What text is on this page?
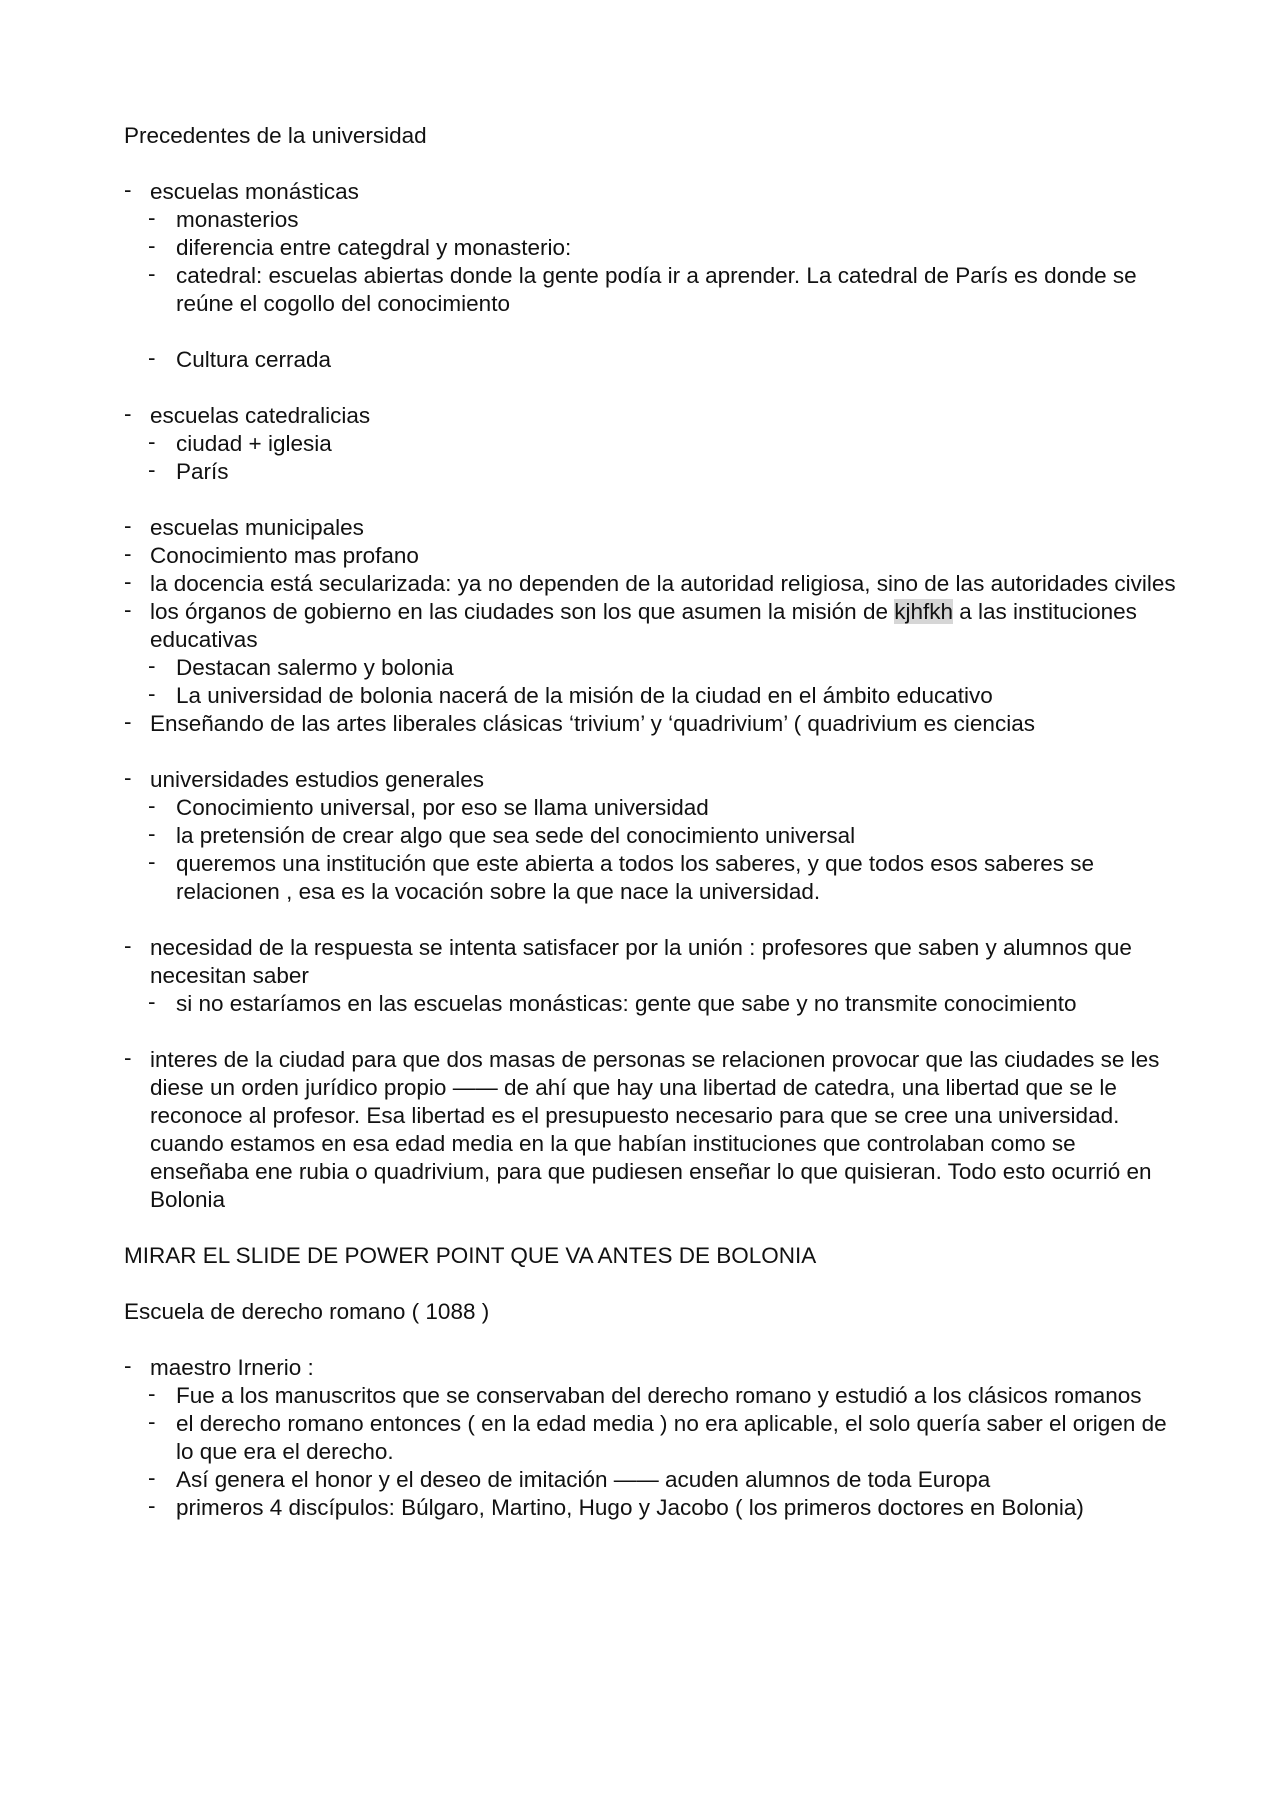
Precedentes de la universidad

- escuelas monásticas
- monasterios
- diferencia entre categdral y monasterio:
- catedral: escuelas abiertas donde la gente podía ir a aprender. La catedral de París es donde se reúne el cogollo del conocimiento
- Cultura cerrada
- escuelas catedralicias
- ciudad + iglesia
- París
- escuelas municipales
- Conocimiento mas profano
- la docencia está secularizada: ya no dependen de la autoridad religiosa, sino de las autoridades civiles
- los órganos de gobierno en las ciudades son los que asumen la misión de kjhfkh a las instituciones educativas
- Destacan salermo y bolonia
- La universidad de bolonia nacerá de la misión de la ciudad en el ámbito educativo
- Enseñando de las artes liberales clásicas ‘trivium’ y ‘quadrivium’ ( quadrivium es ciencias
- universidades estudios generales
- Conocimiento universal, por eso se llama universidad
- la pretensión de crear algo que sea sede del conocimiento universal
- queremos una institución que este abierta a todos los saberes, y que todos esos saberes se relacionen , esa es la vocación sobre la que nace la universidad.
- necesidad de la respuesta se intenta satisfacer por la unión : profesores que saben y alumnos que necesitan saber
- si no estaríamos en las escuelas monásticas: gente que sabe y no transmite conocimiento
- interes de la ciudad para que dos masas de personas se relacionen provocar que las ciudades se les diese un orden jurídico propio —— de ahí que hay una libertad de catedra, una libertad que se le reconoce al profesor. Esa libertad es el presupuesto necesario para que se cree una universidad. cuando estamos en esa edad media en la que habían instituciones que controlaban como se enseñaba ene rubia o quadrivium, para que pudiesen enseñar lo que quisieran. Todo esto ocurrió en Bolonia

MIRAR EL SLIDE DE POWER POINT QUE VA ANTES DE BOLONIA

Escuela de derecho romano ( 1088 )

- maestro Irnerio :
- Fue a los manuscritos que se conservaban del derecho romano y estudió a los clásicos romanos
- el derecho romano entonces ( en la edad media ) no era aplicable, el solo quería saber el origen de lo que era el derecho.
- Así genera el honor y el deseo de imitación —— acuden alumnos de toda Europa
- primeros 4 discípulos: Búlgaro, Martino, Hugo y Jacobo ( los primeros doctores en Bolonia)
